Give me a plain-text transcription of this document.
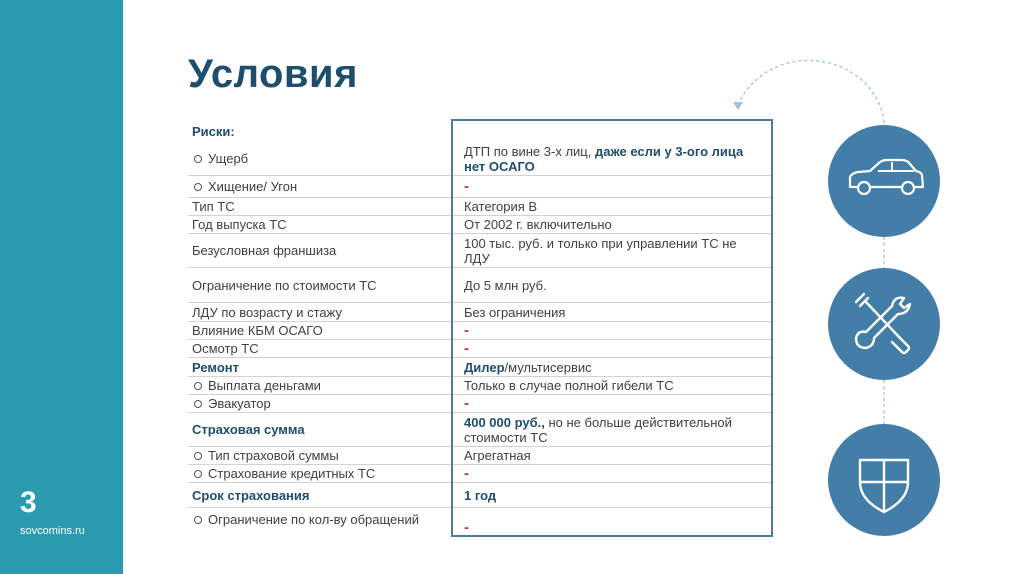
3
sovcomins.ru
Условия
Риски:
Ущерб	ДТП по вине 3-х лиц, даже если у 3-ого лица нет ОСАГО
Хищение/ Угон	-
Тип ТС	Категория В
Год выпуска ТС	От 2002 г. включительно
Безусловная франшиза	100 тыс. руб. и только при управлении ТС не ЛДУ
Ограничение по стоимости ТС	До 5 млн руб.
ЛДУ по возрасту и стажу	Без ограничения
Влияние КБМ ОСАГО	-
Осмотр ТС	-
Ремонт	Дилер/мультисервис
Выплата деньгами	Только в случае полной гибели ТС
Эвакуатор	-
Страховая сумма	400 000 руб., но не больше действительной стоимости ТС
Тип страховой суммы	Агрегатная
Страхование кредитных ТС	-
Срок страхования	1 год
Ограничение по кол-ву обращений	-
